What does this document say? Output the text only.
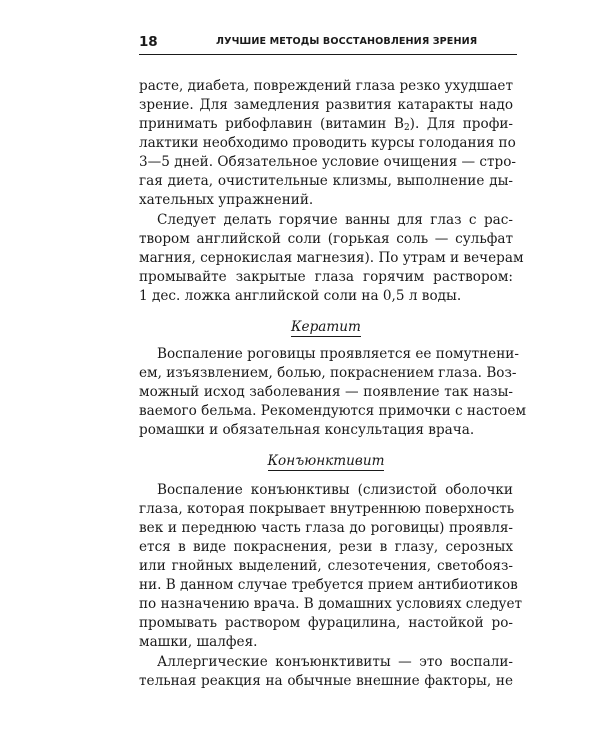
18	ЛУЧШИЕ МЕТОДЫ ВОССТАНОВЛЕНИЯ ЗРЕНИЯ
расте, диабета, повреждений глаза резко ухудшает
зрение. Для замедления развития катаракты надо
принимать рибофлавин (витамин $В_2$). Для профи-
лактики необходимо проводить курсы голодания по
3—5 дней. Обязательное условие очищения — стро-
гая диета, очистительные клизмы, выполнение ды-
хательных упражнений.
Следует делать горячие ванны для глаз с рас-
твором английской соли (горькая соль — сульфат
магния, сернокислая магнезия). По утрам и вечерам
промывайте закрытые глаза горячим раствором:
1 дес. ложка английской соли на 0,5 л воды.
Кератит
Воспаление роговицы проявляется ее помутнени-
ем, изъязвлением, болью, покраснением глаза. Воз-
можный исход заболевания — появление так назы-
ваемого бельма. Рекомендуются примочки с настоем
ромашки и обязательная консультация врача.
Конъюнктивит
Воспаление конъюнктивы (слизистой оболочки
глаза, которая покрывает внутреннюю поверхность
век и переднюю часть глаза до роговицы) проявля-
ется в виде покраснения, рези в глазу, серозных
или гнойных выделений, слезотечения, светобояз-
ни. В данном случае требуется прием антибиотиков
по назначению врача. В домашних условиях следует
промывать раствором фурацилина, настойкой ро-
машки, шалфея.
Аллергические конъюнктивиты — это воспали-
тельная реакция на обычные внешние факторы, не
